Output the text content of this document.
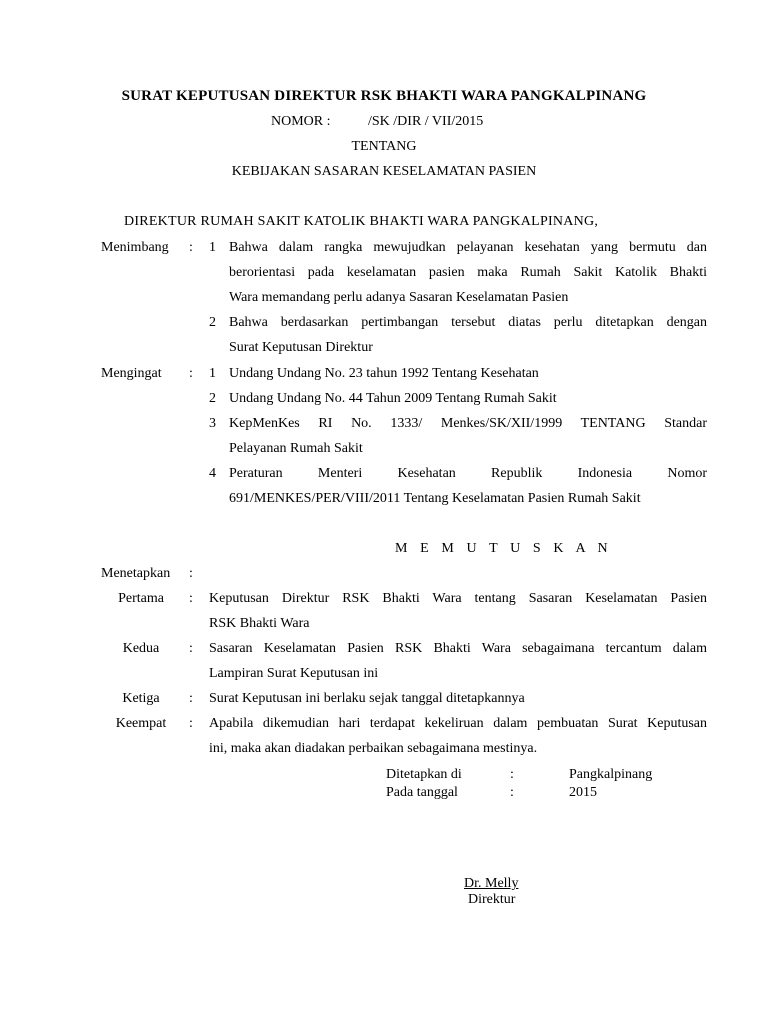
SURAT KEPUTUSAN DIREKTUR RSK BHAKTI WARA PANGKALPINANG
NOMOR :	/SK /DIR / VII/2015
TENTANG
KEBIJAKAN SASARAN KESELAMATAN PASIEN
DIREKTUR RUMAH SAKIT KATOLIK BHAKTI WARA PANGKALPINANG,
Menimbang : 1 Bahwa dalam rangka mewujudkan pelayanan kesehatan yang bermutu dan
berorientasi pada keselamatan pasien maka Rumah Sakit Katolik Bhakti
Wara memandang perlu adanya Sasaran Keselamatan Pasien
2 Bahwa berdasarkan pertimbangan tersebut diatas perlu ditetapkan dengan
Surat Keputusan Direktur
Mengingat : 1 Undang Undang No. 23 tahun 1992 Tentang Kesehatan
2 Undang Undang No. 44 Tahun 2009 Tentang Rumah Sakit
3 KepMenKes RI No. 1333/ Menkes/SK/XII/1999 TENTANG Standar
Pelayanan Rumah Sakit
4 Peraturan Menteri Kesehatan Republik Indonesia Nomor
691/MENKES/PER/VIII/2011 Tentang Keselamatan Pasien Rumah Sakit
M E M U T U S K A N
Menetapkan :
Pertama	: Keputusan Direktur RSK Bhakti Wara tentang Sasaran Keselamatan Pasien
RSK Bhakti Wara
Kedua	: Sasaran Keselamatan Pasien RSK Bhakti Wara sebagaimana tercantum dalam
Lampiran Surat Keputusan ini
Ketiga	: Surat Keputusan ini berlaku sejak tanggal ditetapkannya
Keempat	: Apabila dikemudian hari terdapat kekeliruan dalam pembuatan Surat Keputusan
ini, maka akan diadakan perbaikan sebagaimana mestinya.
Ditetapkan di	:	Pangkalpinang
Pada tanggal	:	2015
Dr. Melly
Direktur
